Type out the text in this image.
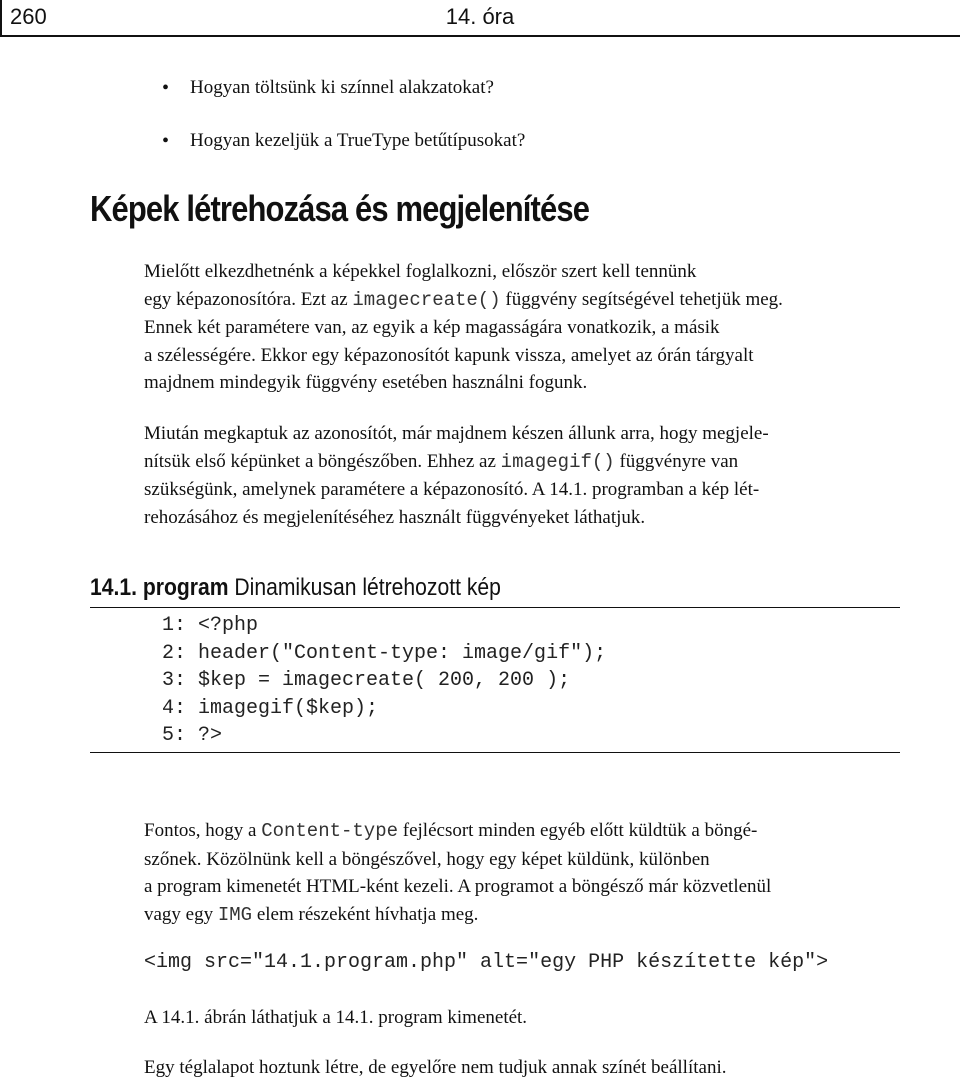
260	14. óra
• Hogyan töltsünk ki színnel alakzatokat?
• Hogyan kezeljük a TrueType betűtípusokat?
Képek létrehozása és megjelenítése
Mielőtt elkezdhetnénk a képekkel foglalkozni, először szert kell tennünk
egy képazonosítóra. Ezt az imagecreate() függvény segítségével tehetjük meg.
Ennek két paramétere van, az egyik a kép magasságára vonatkozik, a másik
a szélességére. Ekkor egy képazonosítót kapunk vissza, amelyet az órán tárgyalt
majdnem mindegyik függvény esetében használni fogunk.
Miután megkaptuk az azonosítót, már majdnem készen állunk arra, hogy megjele-
nítsük első képünket a böngészőben. Ehhez az imagegif() függvényre van
szükségünk, amelynek paramétere a képazonosító. A 14.1. programban a kép lét-
rehozásához és megjelenítéséhez használt függvényeket láthatjuk.
14.1. program Dinamikusan létrehozott kép
1: <?php
2: header("Content-type: image/gif");
3: $kep = imagecreate( 200, 200 );
4: imagegif($kep);
5: ?>
Fontos, hogy a Content-type fejlécsort minden egyéb előtt küldtük a böngé-
szőnek. Közölnünk kell a böngészővel, hogy egy képet küldünk, különben
a program kimenetét HTML-ként kezeli. A programot a böngésző már közvetlenül
vagy egy IMG elem részeként hívhatja meg.
<img src="14.1.program.php" alt="egy PHP készítette kép">
A 14.1. ábrán láthatjuk a 14.1. program kimenetét.
Egy téglalapot hoztunk létre, de egyelőre nem tudjuk annak színét beállítani.
